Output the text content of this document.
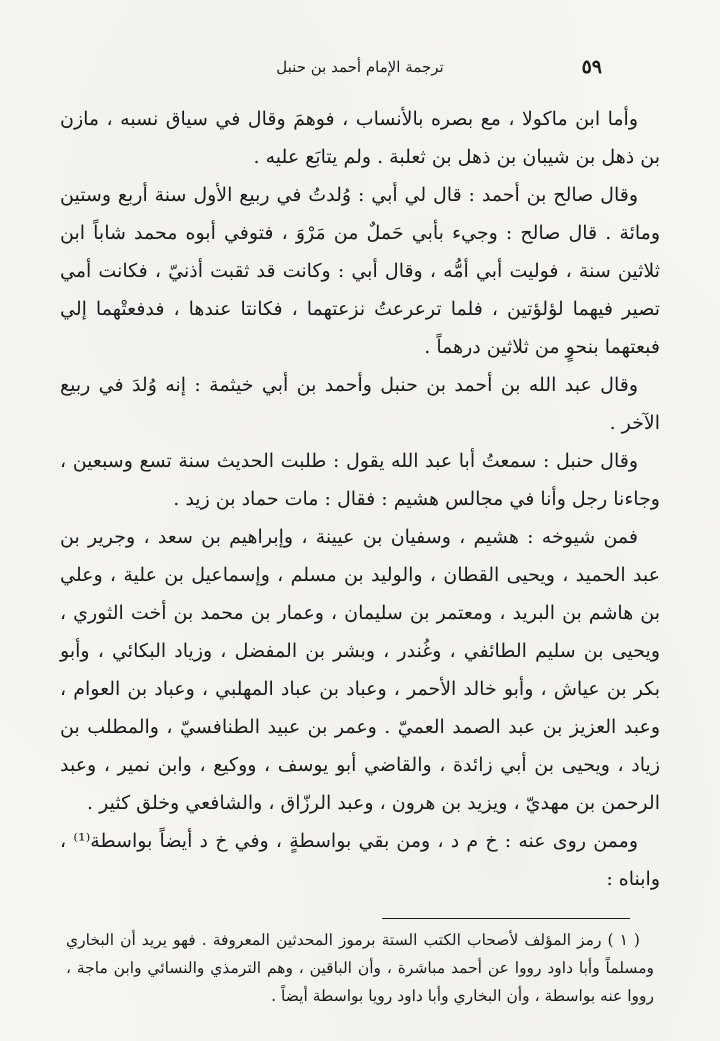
٥٩
ترجمة الإمام أحمد بن حنبل

وأما ابن ماكولا ، مع بصره بالأنساب ، فوهمَ وقال في سياق نسبه ، مازن بن ذهل بن شيبان بن ذهل بن ثعلبة . ولم يتابَع عليه .

وقال صالح بن أحمد : قال لي أبي : وُلدتُ في ربيع الأول سنة أربع وستين ومائة . قال صالح : وجيء بأبي حَملٌ من مَرْوَ ، فتوفي أبوه محمد شاباً ابن ثلاثين سنة ، فوليت أبي أمُّه ، وقال أبي : وكانت قد ثقبت أذنيّ ، فكانت أمي تصير فيهما لؤلؤتين ، فلما ترعرعتُ نزعتهما ، فكانتا عندها ، فدفعتْهما إلي فبعتهما بنحوٍ من ثلاثين درهماً .

وقال عبد الله بن أحمد بن حنبل وأحمد بن أبي خيثمة : إنه وُلدَ في ربيع الآخر .

وقال حنبل : سمعتُ أبا عبد الله يقول : طلبت الحديث سنة تسع وسبعين ، وجاءنا رجل وأنا في مجالس هشيم : فقال : مات حماد بن زيد .

فمن شيوخه : هشيم ، وسفيان بن عيينة ، وإبراهيم بن سعد ، وجرير بن عبد الحميد ، ويحيى القطان ، والوليد بن مسلم ، وإسماعيل بن علية ، وعلي بن هاشم بن البريد ، ومعتمر بن سليمان ، وعمار بن محمد بن أخت الثوري ، ويحيى بن سليم الطائفي ، وغُندر ، وبشر بن المفضل ، وزياد البكائي ، وأبو بكر بن عياش ، وأبو خالد الأحمر ، وعباد بن عباد المهلبي ، وعباد بن العوام ، وعبد العزيز بن عبد الصمد العميّ . وعمر بن عبيد الطنافسيّ ، والمطلب بن زياد ، ويحيى بن أبي زائدة ، والقاضي أبو يوسف ، ووكيع ، وابن نمير ، وعبد الرحمن بن مهديّ ، ويزيد بن هرون ، وعبد الرزّاق ، والشافعي وخلق كثير .

وممن روى عنه : خ م د ، ومن بقي بواسطةٍ ، وفي خ د أيضاً بواسطة⁽¹⁾ ، وابناه :

( ١ ) رمز المؤلف لأصحاب الكتب الستة برموز المحدثين المعروفة . فهو يريد أن البخاري ومسلماً وأبا داود رووا عن أحمد مباشرة ، وأن الباقين ، وهم الترمذي والنسائي وابن ماجة ، رووا عنه بواسطة ، وأن البخاري وأبا داود رويا بواسطة أيضاً .
